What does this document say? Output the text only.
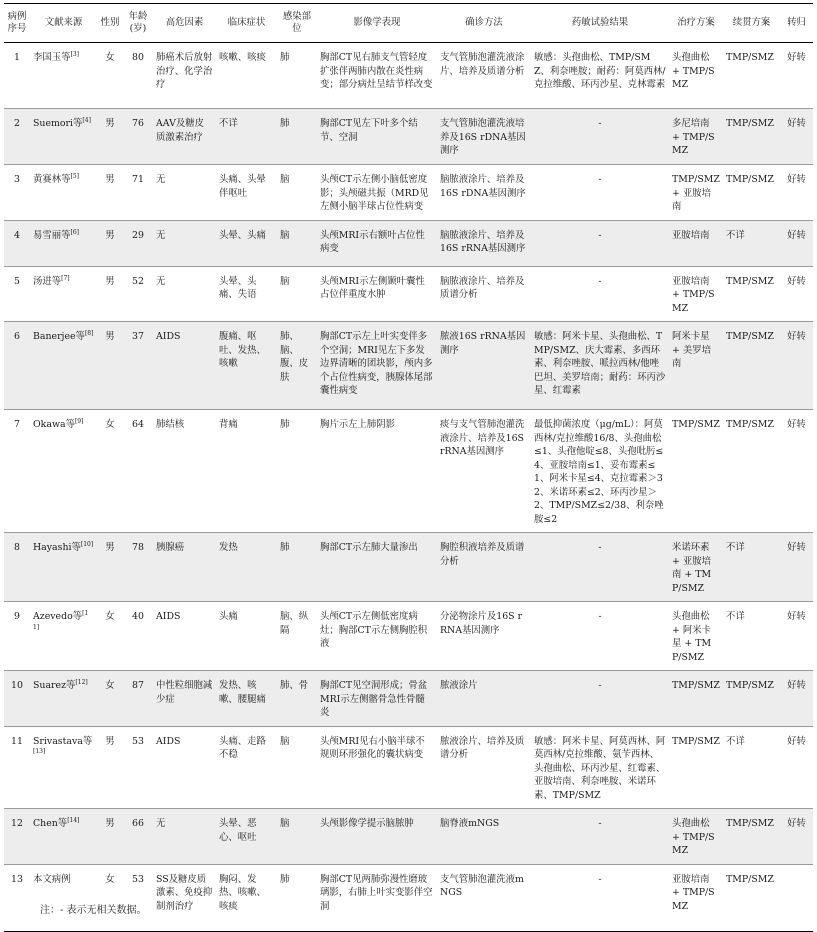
病例序号	文献来源	性别	年龄(岁)	高危因素	临床症状	感染部位	影像学表现	确诊方法	药敏试验结果	治疗方案	续贯方案	转归
1	李国玉等[3]	女	80	肺癌术后放射治疗、化学治疗	咳嗽、咳痰	肺	胸部CT见右肺支气管轻度扩张伴两肺内散在炎性病变；部分病灶呈结节样改变	支气管肺泡灌洗液涂片、培养及质谱分析	敏感：头孢曲松、TMP/SMZ、利奈唑胺；耐药：阿莫西林/克拉维酸、环丙沙星、克林霉素	头孢曲松 + TMP/SMZ	TMP/SMZ	好转
2	Suemori等[4]	男	76	AAV及糖皮质激素治疗	不详	肺	胸部CT见左下叶多个结节、空洞	支气管肺泡灌洗液培养及16S rDNA基因测序	-	多尼培南 + TMP/SMZ	TMP/SMZ	好转
3	黄赛林等[5]	男	71	无	头痛、头晕伴呕吐	脑	头颅CT示左侧小脑低密度影；头颅磁共振（MRD见左侧小脑半球占位性病变	脑脓液涂片、培养及16S rDNA基因测序	-	TMP/SMZ + 亚胺培南	TMP/SMZ	好转
4	易雪丽等[6]	男	29	无	头晕、头痛	脑	头颅MRI示右额叶占位性病变	脑脓液涂片、培养及16S rRNA基因测序	-	亚胺培南	不详	好转
5	汤进等[7]	男	52	无	头晕、头痛、失语	脑	头颅MRI示左侧颞叶囊性占位伴重度水肿	脑脓液涂片、培养及质谱分析	-	亚胺培南 + TMP/SMZ	TMP/SMZ	好转
6	Banerjee等[8]	男	37	AIDS	腹痛、呕吐、发热、咳嗽	肺、脑、腹、皮肤	胸部CT示左上叶实变伴多个空洞；MRI见左下多发边界清晰的团块影，颅内多个占位性病变，胰腺体尾部囊性病变	脓液16S rRNA基因测序	敏感：阿米卡星、头孢曲松、TMP/SMZ、庆大霉素、多西环素、利奈唑胺、哌拉西林/他唑巴坦、美罗培南；耐药：环丙沙星、红霉素	阿米卡星 + 美罗培南	TMP/SMZ	好转
7	Okawa等[9]	女	64	肺结核	背痛	肺	胸片示左上肺阴影	痰与支气管肺泡灌洗液涂片、培养及16S rRNA基因测序	最低抑菌浓度（μg/mL）：阿莫西林/克拉维酸16/8、头孢曲松≤1、头孢他啶≤8、头孢吡肟≤4、亚胺培南≤1、妥布霉素≤1、阿米卡星≤4、克拉霉素＞32、米诺环素≤2、环丙沙星＞2、TMP/SMZ≤2/38、利奈唑胺≤2	TMP/SMZ	TMP/SMZ	好转
8	Hayashi等[10]	男	78	胰腺癌	发热	肺	胸部CT示左肺大量渗出	胸腔积液培养及质谱分析	-	米诺环素 + 亚胺培南 + TMP/SMZ	不详	好转
9	Azevedo等[11]	女	40	AIDS	头痛	脑、纵隔	头颅CT示左侧低密度病灶；胸部CT示左侧胸腔积液	分泌物涂片及16S rRNA基因测序	-	头孢曲松 + 阿米卡星 + TMP/SMZ	不详	好转
10	Suarez等[12]	女	87	中性粒细胞减少症	发热、咳嗽、腰腿痛	肺、骨	胸部CT见空洞形成；骨盆MRI示左侧髂骨急性骨髓炎	脓液涂片	-	TMP/SMZ	TMP/SMZ	好转
11	Srivastava等[13]	男	53	AIDS	头痛、走路不稳	脑	头颅MRI见右小脑半球不规则环形强化的囊状病变	脓液涂片、培养及质谱分析	敏感：阿米卡星、阿莫西林、阿莫西林/克拉维酸、氨苄西林、头孢曲松、环丙沙星、红霉素、亚胺培南、利奈唑胺、米诺环素、TMP/SMZ	TMP/SMZ	不详	好转
12	Chen等[14]	男	66	无	头晕、恶心、呕吐	脑	头颅影像学提示脑脓肿	脑脊液mNGS	-	头孢曲松 + TMP/SMZ	TMP/SMZ	好转
13	本文病例	女	53	SS及糖皮质激素、免疫抑制剂治疗	胸闷、发热、咳嗽、咳痰	肺	胸部CT见两肺弥漫性磨玻璃影，右肺上叶实变影伴空洞	支气管肺泡灌洗液mNGS	-	亚胺培南 + TMP/SMZ	TMP/SMZ	
注：- 表示无相关数据。
